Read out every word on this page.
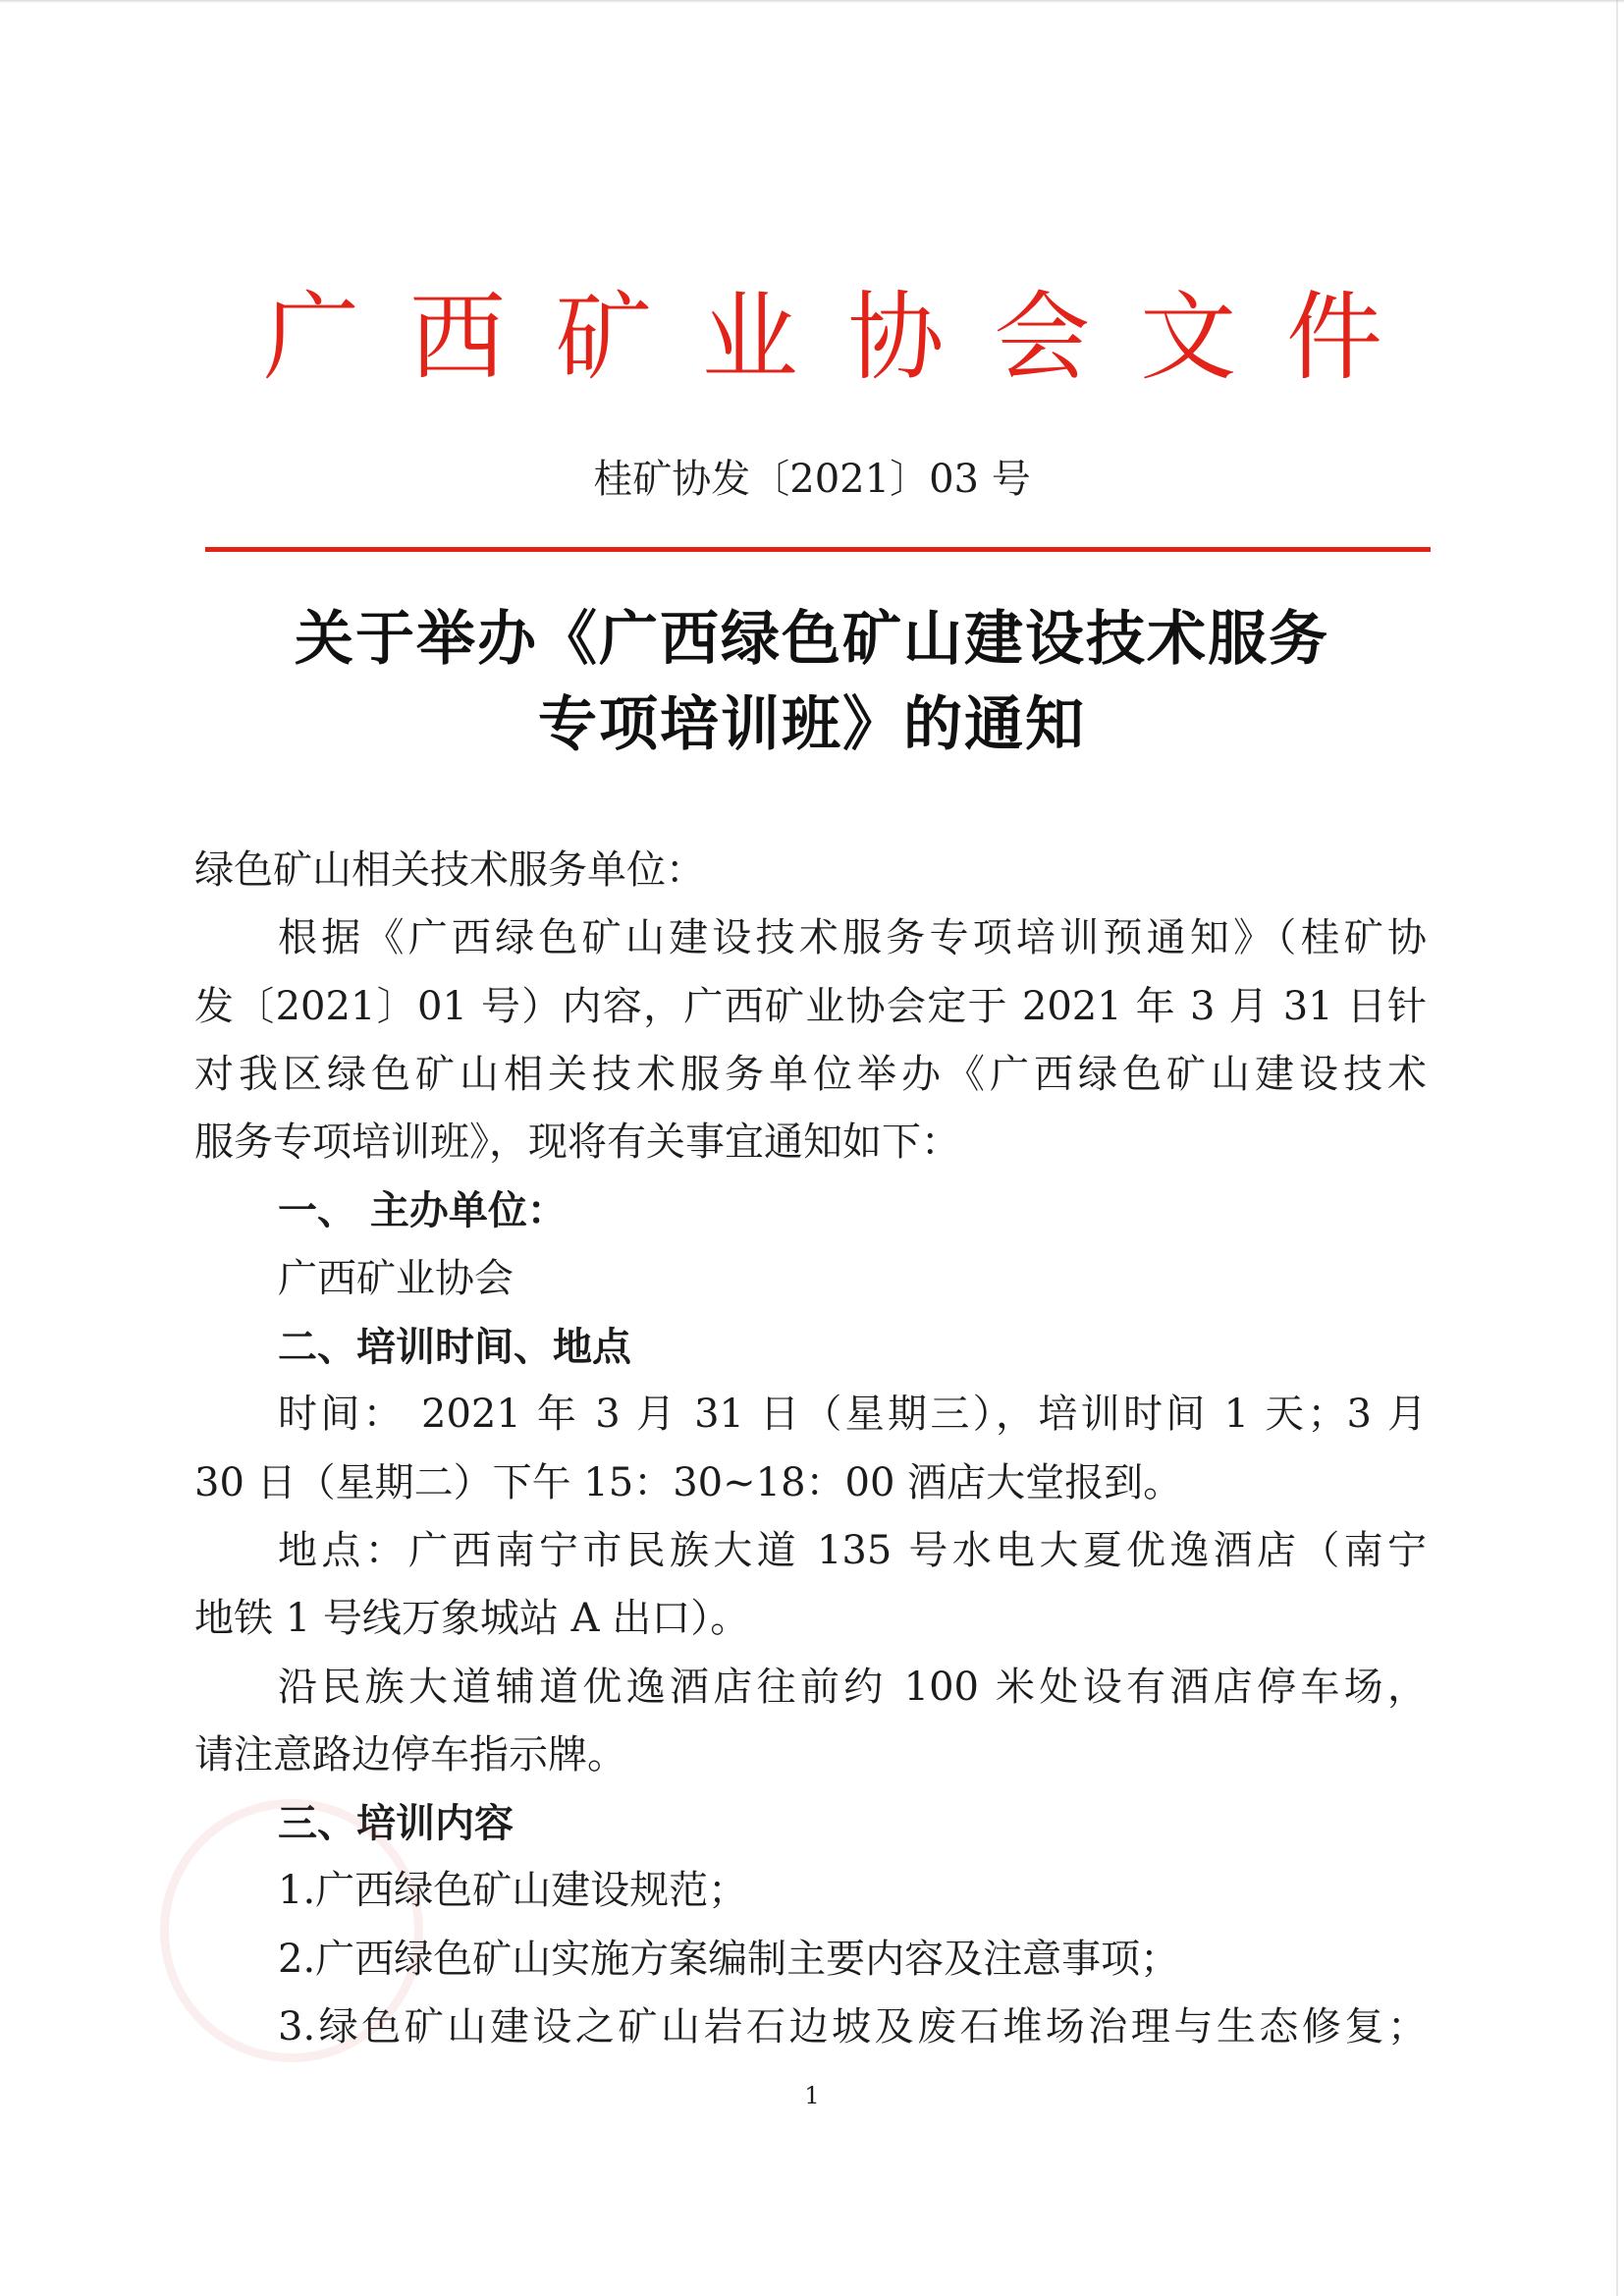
广西矿业协会文件
桂矿协发〔2021〕03 号
关于举办《广西绿色矿山建设技术服务
专项培训班》的通知
绿色矿山相关技术服务单位：
根据《广西绿色矿山建设技术服务专项培训预通知》（桂矿协
发〔2021〕01 号）内容，广西矿业协会定于 2021 年 3 月 31 日针
对我区绿色矿山相关技术服务单位举办《广西绿色矿山建设技术
服务专项培训班》，现将有关事宜通知如下：
一、 主办单位：
广西矿业协会
二、培训时间、地点
时间： 2021 年 3 月 31 日（星期三），培训时间 1 天；3 月
30 日（星期二）下午 15：30~18：00 酒店大堂报到。
地点：广西南宁市民族大道 135 号水电大夏优逸酒店（南宁
地铁 1 号线万象城站 A 出口）。
沿民族大道辅道优逸酒店往前约 100 米处设有酒店停车场，
请注意路边停车指示牌。
三、培训内容
1.广西绿色矿山建设规范；
2.广西绿色矿山实施方案编制主要内容及注意事项；
3.绿色矿山建设之矿山岩石边坡及废石堆场治理与生态修复；
1
